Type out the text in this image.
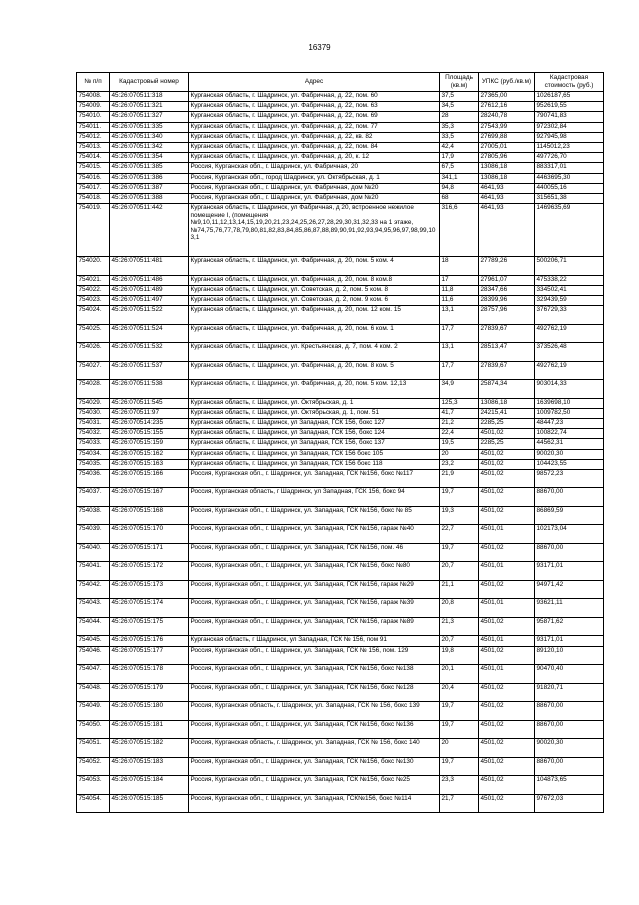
16379
№ п/п	Кадастровый номер	Адрес	Площадь (кв.м)	УПКС (руб./кв.м)	Кадастровая стоимость (руб.)
754008.	45:26:070511:318	Курганская область, г. Шадринск, ул. Фабричная, д. 22, пом. 60	37,5	27365,00	1026187,65
754009.	45:26:070511:321	Курганская область, г. Шадринск, ул. Фабричная, д. 22, пом. 63	34,5	27612,16	952619,55
754010.	45:26:070511:327	Курганская область, г. Шадринск, ул. Фабричная, д. 22, пом. 69	28	28240,78	790741,83
754011.	45:26:070511:335	Курганская область, г. Шадринск, ул. Фабричная, д. 22, пом. 77	35,3	27543,99	972302,84
754012.	45:26:070511:340	Курганская область, г. Шадринск, ул. Фабричная, д. 22, кв. 82	33,5	27699,88	927945,98
754013.	45:26:070511:342	Курганская область, г. Шадринск, ул. Фабричная, д. 22, пом. 84	42,4	27005,01	1145012,23
754014.	45:26:070511:354	Курганская область, г. Шадринск, ул. Фабричная, д. 20, к. 12	17,9	27805,96	497726,70
754015.	45:26:070511:385	Россия, Курганская обл., г. Шадринск, ул. Фабричная, 20	67,5	13086,18	883317,01
754016.	45:26:070511:386	Россия, Курганская обл., город Шадринск, ул. Октябрьская, д. 1	341,1	13086,18	4463695,30
754017.	45:26:070511:387	Россия, Курганская обл., г. Шадринск, ул. Фабричная, дом №20	94,8	4641,93	440055,16
754018.	45:26:070511:388	Россия, Курганская обл., г. Шадринск, ул. Фабричная, дом №20	68	4641,93	315651,38
754019.	45:26:070511:442	Курганская область, г. Шадринск, ул Фабричная, д 20, встроенное нежилое помещение I, (помещения №9,10,11,12,13,14,15,19,20,21,23,24,25,26,27,28,29,30,31,32,33 на 1 этаже, №74,75,76,77,78,79,80,81,82,83,84,85,86,87,88,89,90,91,92,93,94,95,96,97,98,99,103,1	316,6	4641,93	1469635,69
754020.	45:26:070511:481	Курганская область, г. Шадринск, ул. Фабричная, д. 20, пом. 5 ком. 4	18	27789,26	500206,71
754021.	45:26:070511:486	Курганская область, г. Шадринск, ул. Фабричная, д. 20, пом. 8 ком.8	17	27961,07	475338,22
754022.	45:26:070511:489	Курганская область, г. Шадринск, ул. Советская, д. 2, пом. 5 ком. 8	11,8	28347,66	334502,41
754023.	45:26:070511:497	Курганская область, г. Шадринск, ул. Советская, д. 2, пом. 9 ком. 6	11,6	28399,96	329439,59
754024.	45:26:070511:522	Курганская область, г. Шадринск, ул. Фабричная, д. 20, пом. 12 ком. 15	13,1	28757,96	376729,33
754025.	45:26:070511:524	Курганская область, г. Шадринск, ул. Фабричная, д. 20, пом. 6 ком. 1	17,7	27839,67	492762,19
754026.	45:26:070511:532	Курганская область, г. Шадринск, ул. Крестьянская, д. 7, пом. 4 ком. 2	13,1	28513,47	373526,48
754027.	45:26:070511:537	Курганская область, г. Шадринск, ул. Фабричная, д. 20, пом. 8 ком. 5	17,7	27839,67	492762,19
754028.	45:26:070511:538	Курганская область, г. Шадринск, ул. Фабричная, д. 20, пом. 5 ком. 12,13	34,9	25874,34	903014,33
754029.	45:26:070511:545	Курганская область, г. Шадринск, ул. Октябрьская, д. 1	125,3	13086,18	1639698,10
754030.	45:26:070511:97	Курганская область, г. Шадринск, ул. Октябрьская, д. 1, пом. 51	41,7	24215,41	1009782,50
754031.	45:26:070514:235	Курганская область, г. Шадринск, ул Западная, ГСК 156, бокс 127	21,2	2285,25	48447,23
754032.	45:26:070515:155	Курганская область, г. Шадринск, ул Западная, ГСК 156, бокс 124	22,4	4501,02	100822,74
754033.	45:26:070515:159	Курганская область, г. Шадринск, ул Западная, ГСК 156, бокс 137	19,5	2285,25	44562,31
754034.	45:26:070515:162	Курганская область, г. Шадринск, ул Западная, ГСК 156 бокс 105	20	4501,02	90020,30
754035.	45:26:070515:163	Курганская область, г. Шадринск, ул Западная, ГСК 156 бокс 118	23,2	4501,02	104423,55
754036.	45:26:070515:166	Россия, Курганская обл., г. Шадринск, ул. Западная, ГСК №156, бокс №117	21,9	4501,02	98572,23
754037.	45:26:070515:167	Россия, Курганская область, г Шадринск, ул Западная, ГСК 156, бокс 94	19,7	4501,02	88670,00
754038.	45:26:070515:168	Россия, Курганская обл., г. Шадринск, ул. Западная, ГСК №156, бокс № 85	19,3	4501,02	86869,59
754039.	45:26:070515:170	Россия, Курганская обл., г. Шадринск, ул. Западная, ГСК №156, гараж №40	22,7	4501,01	102173,04
754040.	45:26:070515:171	Россия, Курганская обл., г. Шадринск, ул. Западная, ГСК №156, пом. 46	19,7	4501,02	88670,00
754041.	45:26:070515:172	Россия, Курганская обл., г. Шадринск, ул. Западная, ГСК №156, бокс №80	20,7	4501,01	93171,01
754042.	45:26:070515:173	Россия, Курганская обл., г. Шадринск, ул. Западная, ГСК №156, гараж №29	21,1	4501,02	94971,42
754043.	45:26:070515:174	Россия, Курганская обл., г. Шадринск, ул. Западная, ГСК №156, гараж №39	20,8	4501,01	93621,11
754044.	45:26:070515:175	Россия, Курганская обл., г. Шадринск, ул. Западная, ГСК №156, гараж №89	21,3	4501,02	95871,62
754045.	45:26:070515:176	Курганская область, г Шадринск, ул Западная, ГСК № 156, пом 91	20,7	4501,01	93171,01
754046.	45:26:070515:177	Россия, Курганская обл., г. Шадринск, ул. Западная, ГСК № 156, пом. 129	19,8	4501,02	89120,10
754047.	45:26:070515:178	Россия, Курганская обл., г. Шадринск, ул. Западная, ГСК №156, бокс №138	20,1	4501,01	90470,40
754048.	45:26:070515:179	Россия, Курганская обл., г. Шадринск, ул. Западная, ГСК №156, бокс №128	20,4	4501,02	91820,71
754049.	45:26:070515:180	Россия, Курганская область, г. Шадринск, ул. Западная, ГСК № 156, бокс 139	19,7	4501,02	88670,00
754050.	45:26:070515:181	Россия, Курганская обл., г. Шадринск, ул. Западная, ГСК №156, бокс №136	19,7	4501,02	88670,00
754051.	45:26:070515:182	Россия, Курганская область, г. Шадринск, ул. Западная, ГСК № 156, бокс 140	20	4501,02	90020,30
754052.	45:26:070515:183	Россия, Курганская обл., г. Шадринск, ул. Западная, ГСК №156, бокс №130	19,7	4501,02	88670,00
754053.	45:26:070515:184	Россия, Курганская обл., г. Шадринск, ул. Западная, ГСК №156, бокс №25	23,3	4501,02	104873,65
754054.	45:26:070515:185	Россия, Курганская обл., г. Шадринск, ул. Западная, ГСК№156, бокс №114	21,7	4501,02	97672,03
